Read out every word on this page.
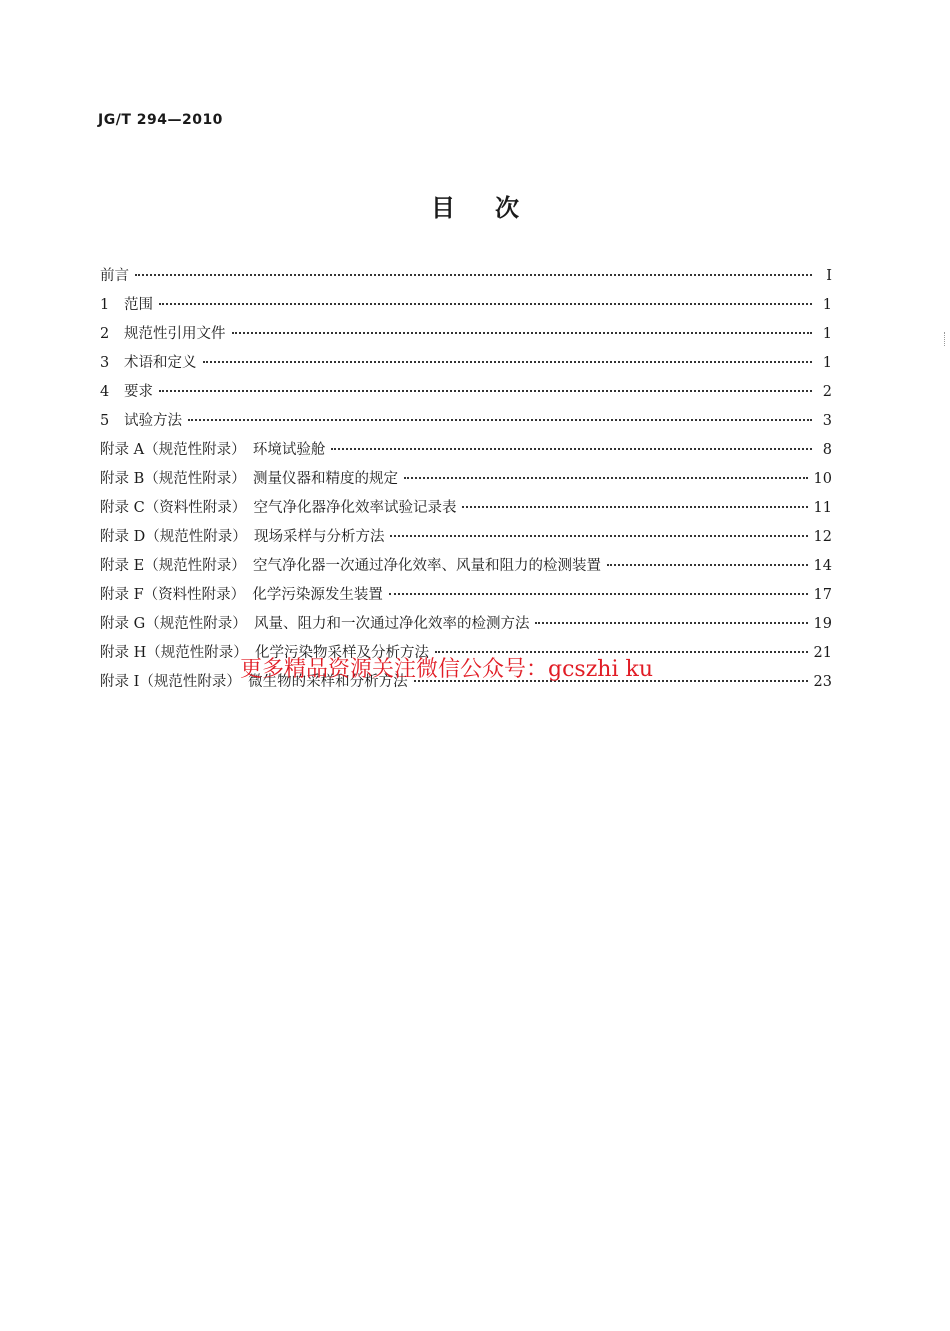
JG/T 294—2010
目次
前言	I
1 范围	1
2 规范性引用文件	1
3 术语和定义	1
4 要求	2
5 试验方法	3
附录 A（规范性附录）　环境试验舱	8
附录 B（规范性附录）　测量仪器和精度的规定	10
附录 C（资料性附录）　空气净化器净化效率试验记录表	11
附录 D（规范性附录）　现场采样与分析方法	12
附录 E（规范性附录）　空气净化器一次通过净化效率、风量和阻力的检测装置	14
附录 F（资料性附录）　化学污染源发生装置	17
附录 G（规范性附录）　风量、阻力和一次通过净化效率的检测方法	19
附录 H（规范性附录）　化学污染物采样及分析方法	21
附录 I（规范性附录）　微生物的采样和分析方法	23
更多精品资源关注微信公众号：gcszhi ku
